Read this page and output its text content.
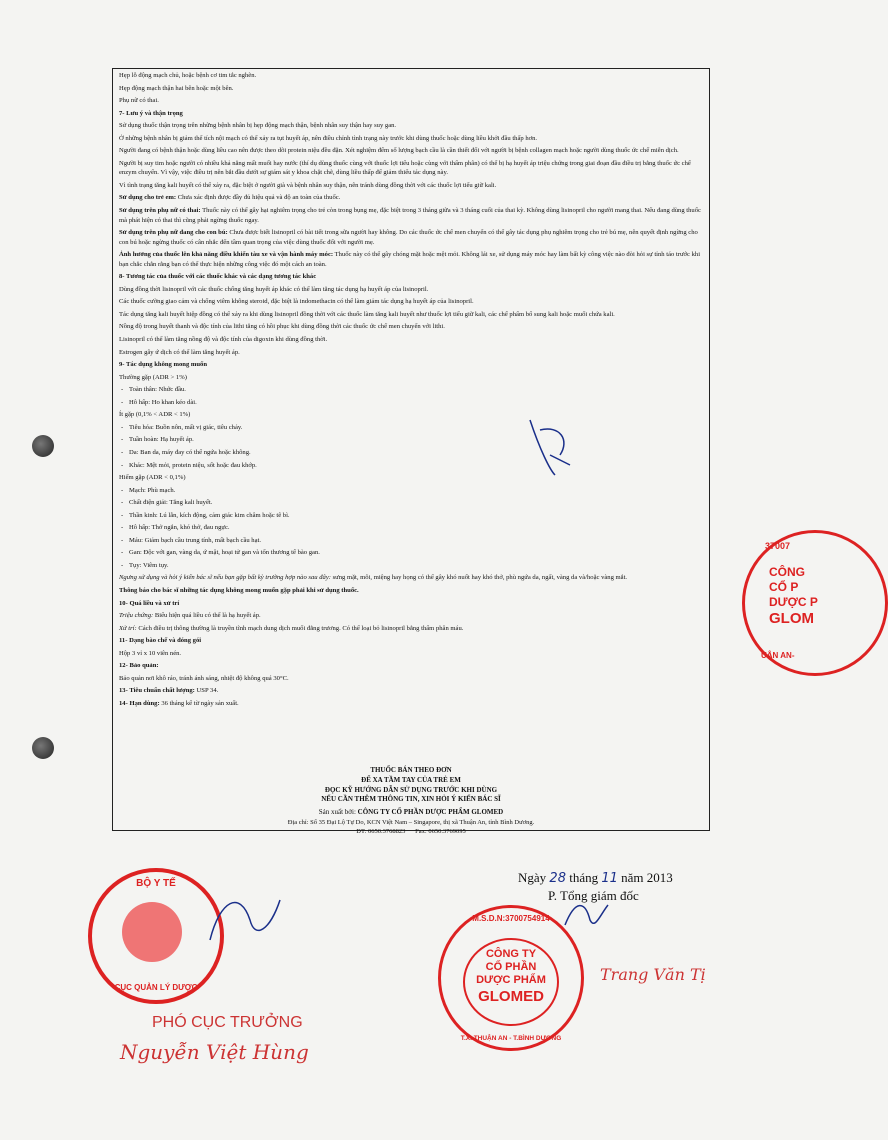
Hẹp lỗ động mạch chủ, hoặc bệnh cơ tim tắc nghẽn.

Hẹp động mạch thận hai bên hoặc một bên.

Phụ nữ có thai.

7- Lưu ý và thận trọng

Sử dụng thuốc thận trọng trên những bệnh nhân bị hẹp động mạch thận, bệnh nhân suy thận hay suy gan.

Ở những bệnh nhân bị giảm thể tích nội mạch có thể xảy ra tụt huyết áp, nên điều chỉnh tình trạng này trước khi dùng thuốc hoặc dùng liều khởi đầu thấp hơn.

Người đang có bệnh thận hoặc dùng liều cao nên được theo dõi protein niệu đều đặn. Xét nghiệm đếm số lượng bạch cầu là cần thiết đối với người bị bệnh collagen mạch hoặc người dùng thuốc ức chế miễn dịch.

Người bị suy tim hoặc người có nhiều khả năng mất muối hay nước (thí dụ dùng thuốc cùng với thuốc lợi tiểu hoặc cùng với thẩm phân) có thể bị hạ huyết áp triệu chứng trong giai đoạn đầu điều trị bằng thuốc ức chế enzym chuyển. Vì vậy, việc điều trị nên bắt đầu dưới sự giám sát y khoa chặt chẽ, dùng liều thấp để giảm thiểu tác dụng này.

Vì tình trạng tăng kali huyết có thể xảy ra, đặc biệt ở người già và bệnh nhân suy thận, nên tránh dùng đồng thời với các thuốc lợi tiểu giữ kali.

Sử dụng cho trẻ em: Chưa xác định được đầy đủ hiệu quả và độ an toàn của thuốc.

Sử dụng trên phụ nữ có thai: Thuốc này có thể gây hại nghiêm trọng cho trẻ còn trong bụng mẹ, đặc biệt trong 3 tháng giữa và 3 tháng cuối của thai kỳ. Không dùng lisinopril cho người mang thai. Nếu đang dùng thuốc mà phát hiện có thai thì cũng phải ngừng thuốc ngay.

Sử dụng trên phụ nữ đang cho con bú: Chưa được biết lisinopril có bài tiết trong sữa người hay không. Do các thuốc ức chế men chuyển có thể gây tác dụng phụ nghiêm trọng cho trẻ bú mẹ, nên quyết định ngừng cho con bú hoặc ngừng thuốc có cân nhắc đến tầm quan trọng của việc dùng thuốc đối với người mẹ.

Ảnh hưởng của thuốc lên khả năng điều khiển tàu xe và vận hành máy móc: Thuốc này có thể gây chóng mặt hoặc mệt mỏi. Không lái xe, sử dụng máy móc hay làm bất kỳ công việc nào đòi hỏi sự tỉnh táo trước khi bạn chắc chắn rằng bạn có thể thực hiện những công việc đó một cách an toàn.

8- Tương tác của thuốc với các thuốc khác và các dạng tương tác khác

Dùng đồng thời lisinopril với các thuốc chống tăng huyết áp khác có thể làm tăng tác dụng hạ huyết áp của lisinopril.

Các thuốc cường giao cảm và chống viêm không steroid, đặc biệt là indomethacin có thể làm giảm tác dụng hạ huyết áp của lisinopril.

Tác dụng tăng kali huyết hiệp đồng có thể xảy ra khi dùng lisinopril đồng thời với các thuốc làm tăng kali huyết như thuốc lợi tiểu giữ kali, các chế phẩm bổ sung kali hoặc muối chứa kali.

Nồng độ trong huyết thanh và độc tính của lithi tăng có hồi phục khi dùng đồng thời các thuốc ức chế men chuyển với lithi.

Lisinopril có thể làm tăng nồng độ và độc tính của digoxin khi dùng đồng thời.

Estrogen gây ứ dịch có thể làm tăng huyết áp.

9- Tác dụng không mong muốn

Thường gặp (ADR > 1%)

- Toàn thân: Nhức đầu.

- Hô hấp: Ho khan kéo dài.

Ít gặp (0,1% < ADR < 1%)

- Tiêu hóa: Buồn nôn, mất vị giác, tiêu chảy.

- Tuần hoàn: Hạ huyết áp.

- Da: Ban da, máy đay có thể ngứa hoặc không.

- Khác: Mệt mỏi, protein niệu, sốt hoặc đau khớp.

Hiếm gặp (ADR < 0,1%)

- Mạch: Phù mạch.

- Chất điện giải: Tăng kali huyết.

- Thần kinh: Lú lẫn, kích động, cảm giác kim châm hoặc tê bì.

- Hô hấp: Thở ngắn, khó thở, đau ngực.

- Máu: Giảm bạch cầu trung tính, mất bạch cầu hạt.

- Gan: Độc với gan, vàng da, ứ mật, hoại tử gan và tổn thương tế bào gan.

- Tụy: Viêm tụy.

Ngưng sử dụng và hỏi ý kiến bác sĩ nếu bạn gặp bất kỳ trường hợp nào sau đây: sưng mặt, môi, miệng hay họng có thể gây khó nuốt hay khó thở, phù ngứa da, ngất, vàng da và/hoặc vàng mắt.

Thông báo cho bác sĩ những tác dụng không mong muốn gặp phải khi sử dụng thuốc.

10- Quá liều và xử trí

Triệu chứng: Biểu hiện quá liều có thể là hạ huyết áp.

Xử trí: Cách điều trị thông thường là truyền tĩnh mạch dung dịch muối đẳng trương. Có thể loại bỏ lisinopril bằng thẩm phân máu.

11- Dạng bào chế và đóng gói

Hộp 3 vỉ x 10 viên nén.

12- Bảo quản:

Bảo quản nơi khô ráo, tránh ánh sáng, nhiệt độ không quá 30°C.

13- Tiêu chuẩn chất lượng: USP 34.

14- Hạn dùng: 36 tháng kể từ ngày sản xuất.

THUỐC BÁN THEO ĐƠN
ĐỂ XA TẦM TAY CỦA TRẺ EM
ĐỌC KỸ HƯỚNG DẪN SỬ DỤNG TRƯỚC KHI DÙNG
NẾU CẦN THÊM THÔNG TIN, XIN HỎI Ý KIẾN BÁC SĨ
Sản xuất bởi: CÔNG TY CỔ PHẦN DƯỢC PHẨM GLOMED
Địa chỉ: Số 35 Đại Lộ Tự Do, KCN Việt Nam – Singapore, thị xã Thuận An, tỉnh Bình Dương.
ĐT: 0650.3768823 Fax: 0650.3769095
Ngày 28 tháng 11 năm 2013
P. Tổng giám đốc
M.S.D.N:3700754914
CÔNG TY
CỔ PHẦN
DƯỢC PHẨM
GLOMED
T.X. THUẬN AN - T.BÌNH DƯƠNG
37007
CÔNG
CỔ P
DƯỢC P
GLOM
UẬN AN-
BỘ Y TẾ
CỤC QUẢN LÝ DƯỢC
PHÓ CỤC TRƯỞNG
Nguyễn Việt Hùng
Trang Văn Tị
